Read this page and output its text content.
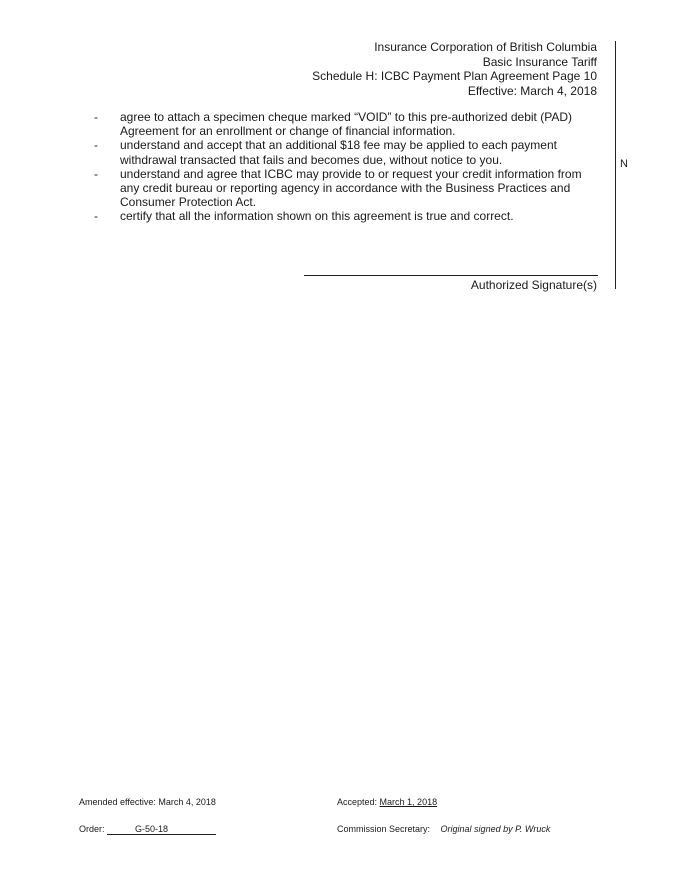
Insurance Corporation of British Columbia
Basic Insurance Tariff
Schedule H: ICBC Payment Plan Agreement Page 10
Effective: March 4, 2018
N
- agree to attach a specimen cheque marked “VOID” to this pre-authorized debit (PAD) Agreement for an enrollment or change of financial information.
- understand and accept that an additional $18 fee may be applied to each payment withdrawal transacted that fails and becomes due, without notice to you.
- understand and agree that ICBC may provide to or request your credit information from any credit bureau or reporting agency in accordance with the Business Practices and Consumer Protection Act.
- certify that all the information shown on this agreement is true and correct.
Authorized Signature(s)
Amended effective: March 4, 2018	Accepted: March 1, 2018
Order:	G-50-18	Commission Secretary: Original signed by P. Wruck
